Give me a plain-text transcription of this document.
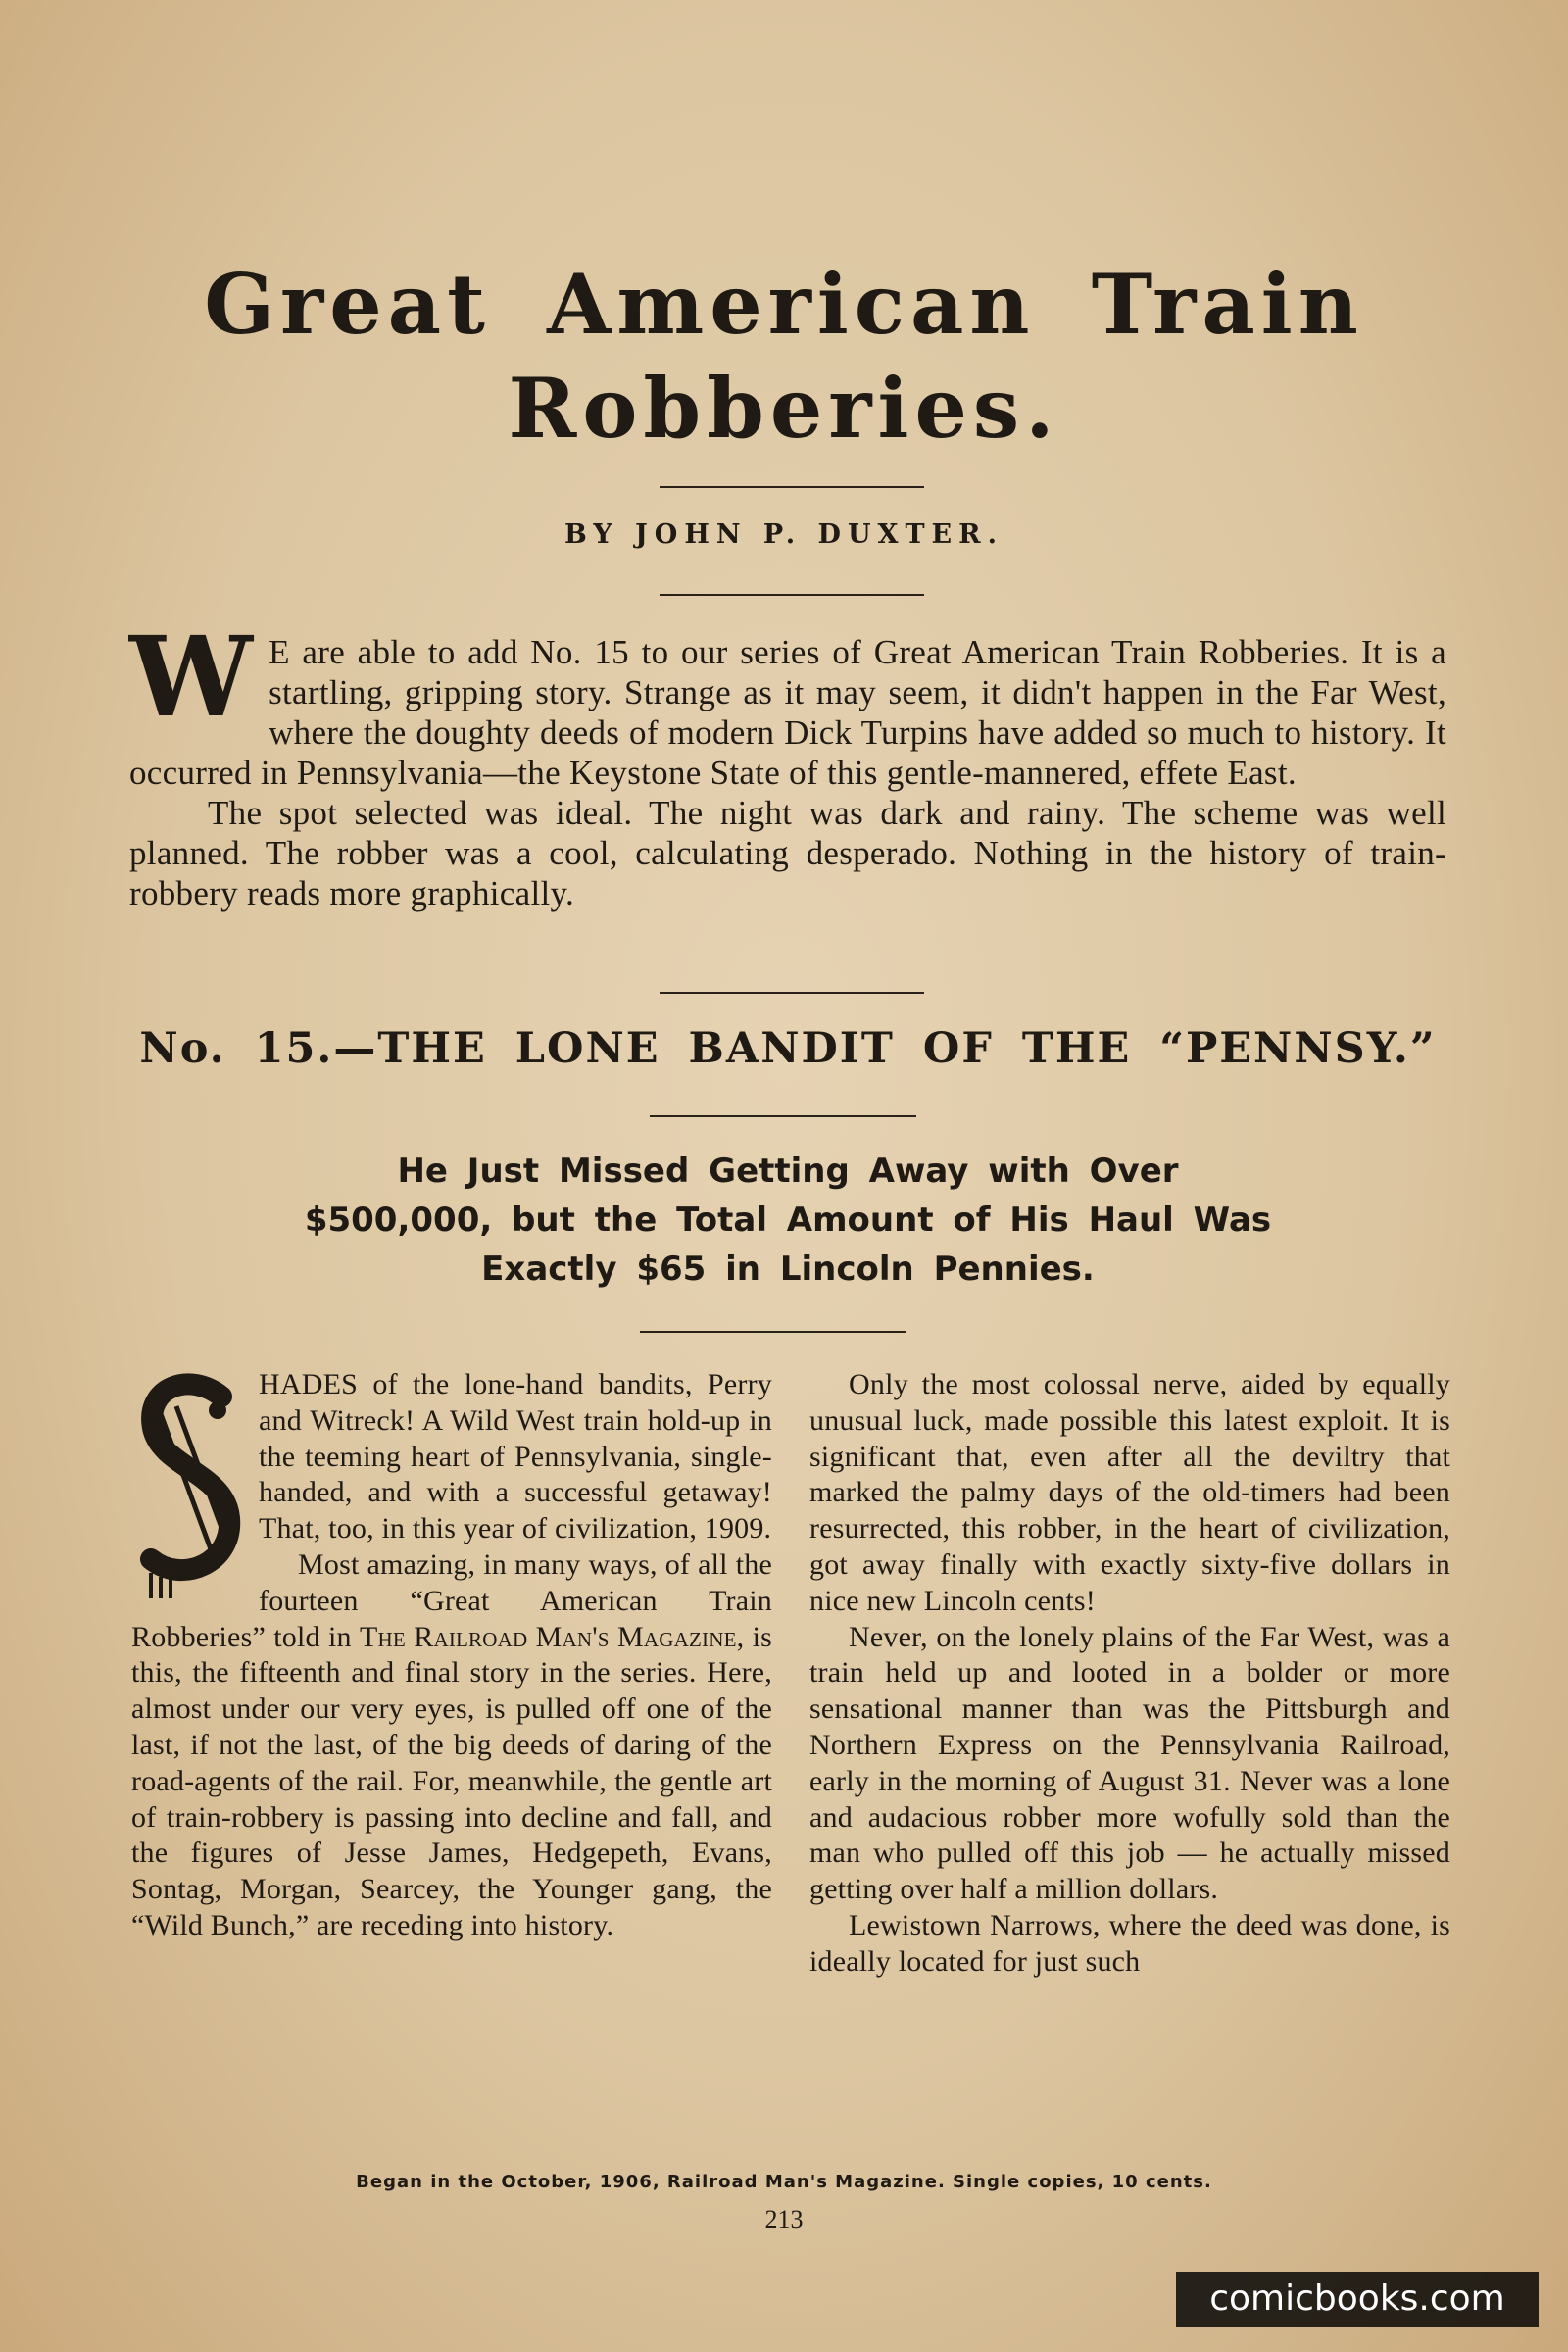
Great American Train
Robberies.
BY JOHN P. DUXTER.

W E are able to add No. 15 to our series of Great American Train Robberies. It is a startling, gripping story. Strange as it may seem, it didn't happen in the Far West, where the doughty deeds of modern Dick Turpins have added so much to history. It occurred in Pennsylvania—the Keystone State of this gentle-mannered, effete East.

The spot selected was ideal. The night was dark and rainy. The scheme was well planned. The robber was a cool, calculating desperado. Nothing in the history of train-robbery reads more graphically.

No. 15.—THE LONE BANDIT OF THE “PENNSY.”
He Just Missed Getting Away with Over $500,000, but the Total Amount of His Haul Was Exactly $65 in Lincoln Pennies.

HADES of the lone-hand bandits, Perry and Witreck! A Wild West train hold-up in the teeming heart of Pennsylvania, single-handed, and with a successful getaway! That, too, in this year of civilization, 1909.

Most amazing, in many ways, of all the fourteen “Great American Train Robberies” told in The Railroad Man's Magazine, is this, the fifteenth and final story in the series. Here, almost under our very eyes, is pulled off one of the last, if not the last, of the big deeds of daring of the road-agents of the rail. For, meanwhile, the gentle art of train-robbery is passing into decline and fall, and the figures of Jesse James, Hedgepeth, Evans, Sontag, Morgan, Searcey, the Younger gang, the “Wild Bunch,” are receding into history.

Only the most colossal nerve, aided by equally unusual luck, made possible this latest exploit. It is significant that, even after all the deviltry that marked the palmy days of the old-timers had been resurrected, this robber, in the heart of civilization, got away finally with exactly sixty-five dollars in nice new Lincoln cents!

Never, on the lonely plains of the Far West, was a train held up and looted in a bolder or more sensational manner than was the Pittsburgh and Northern Express on the Pennsylvania Railroad, early in the morning of August 31. Never was a lone and audacious robber more wofully sold than the man who pulled off this job — he actually missed getting over half a million dollars.

Lewistown Narrows, where the deed was done, is ideally located for just such

Began in the October, 1906, Railroad Man's Magazine. Single copies, 10 cents.
213
comicbooks.com
